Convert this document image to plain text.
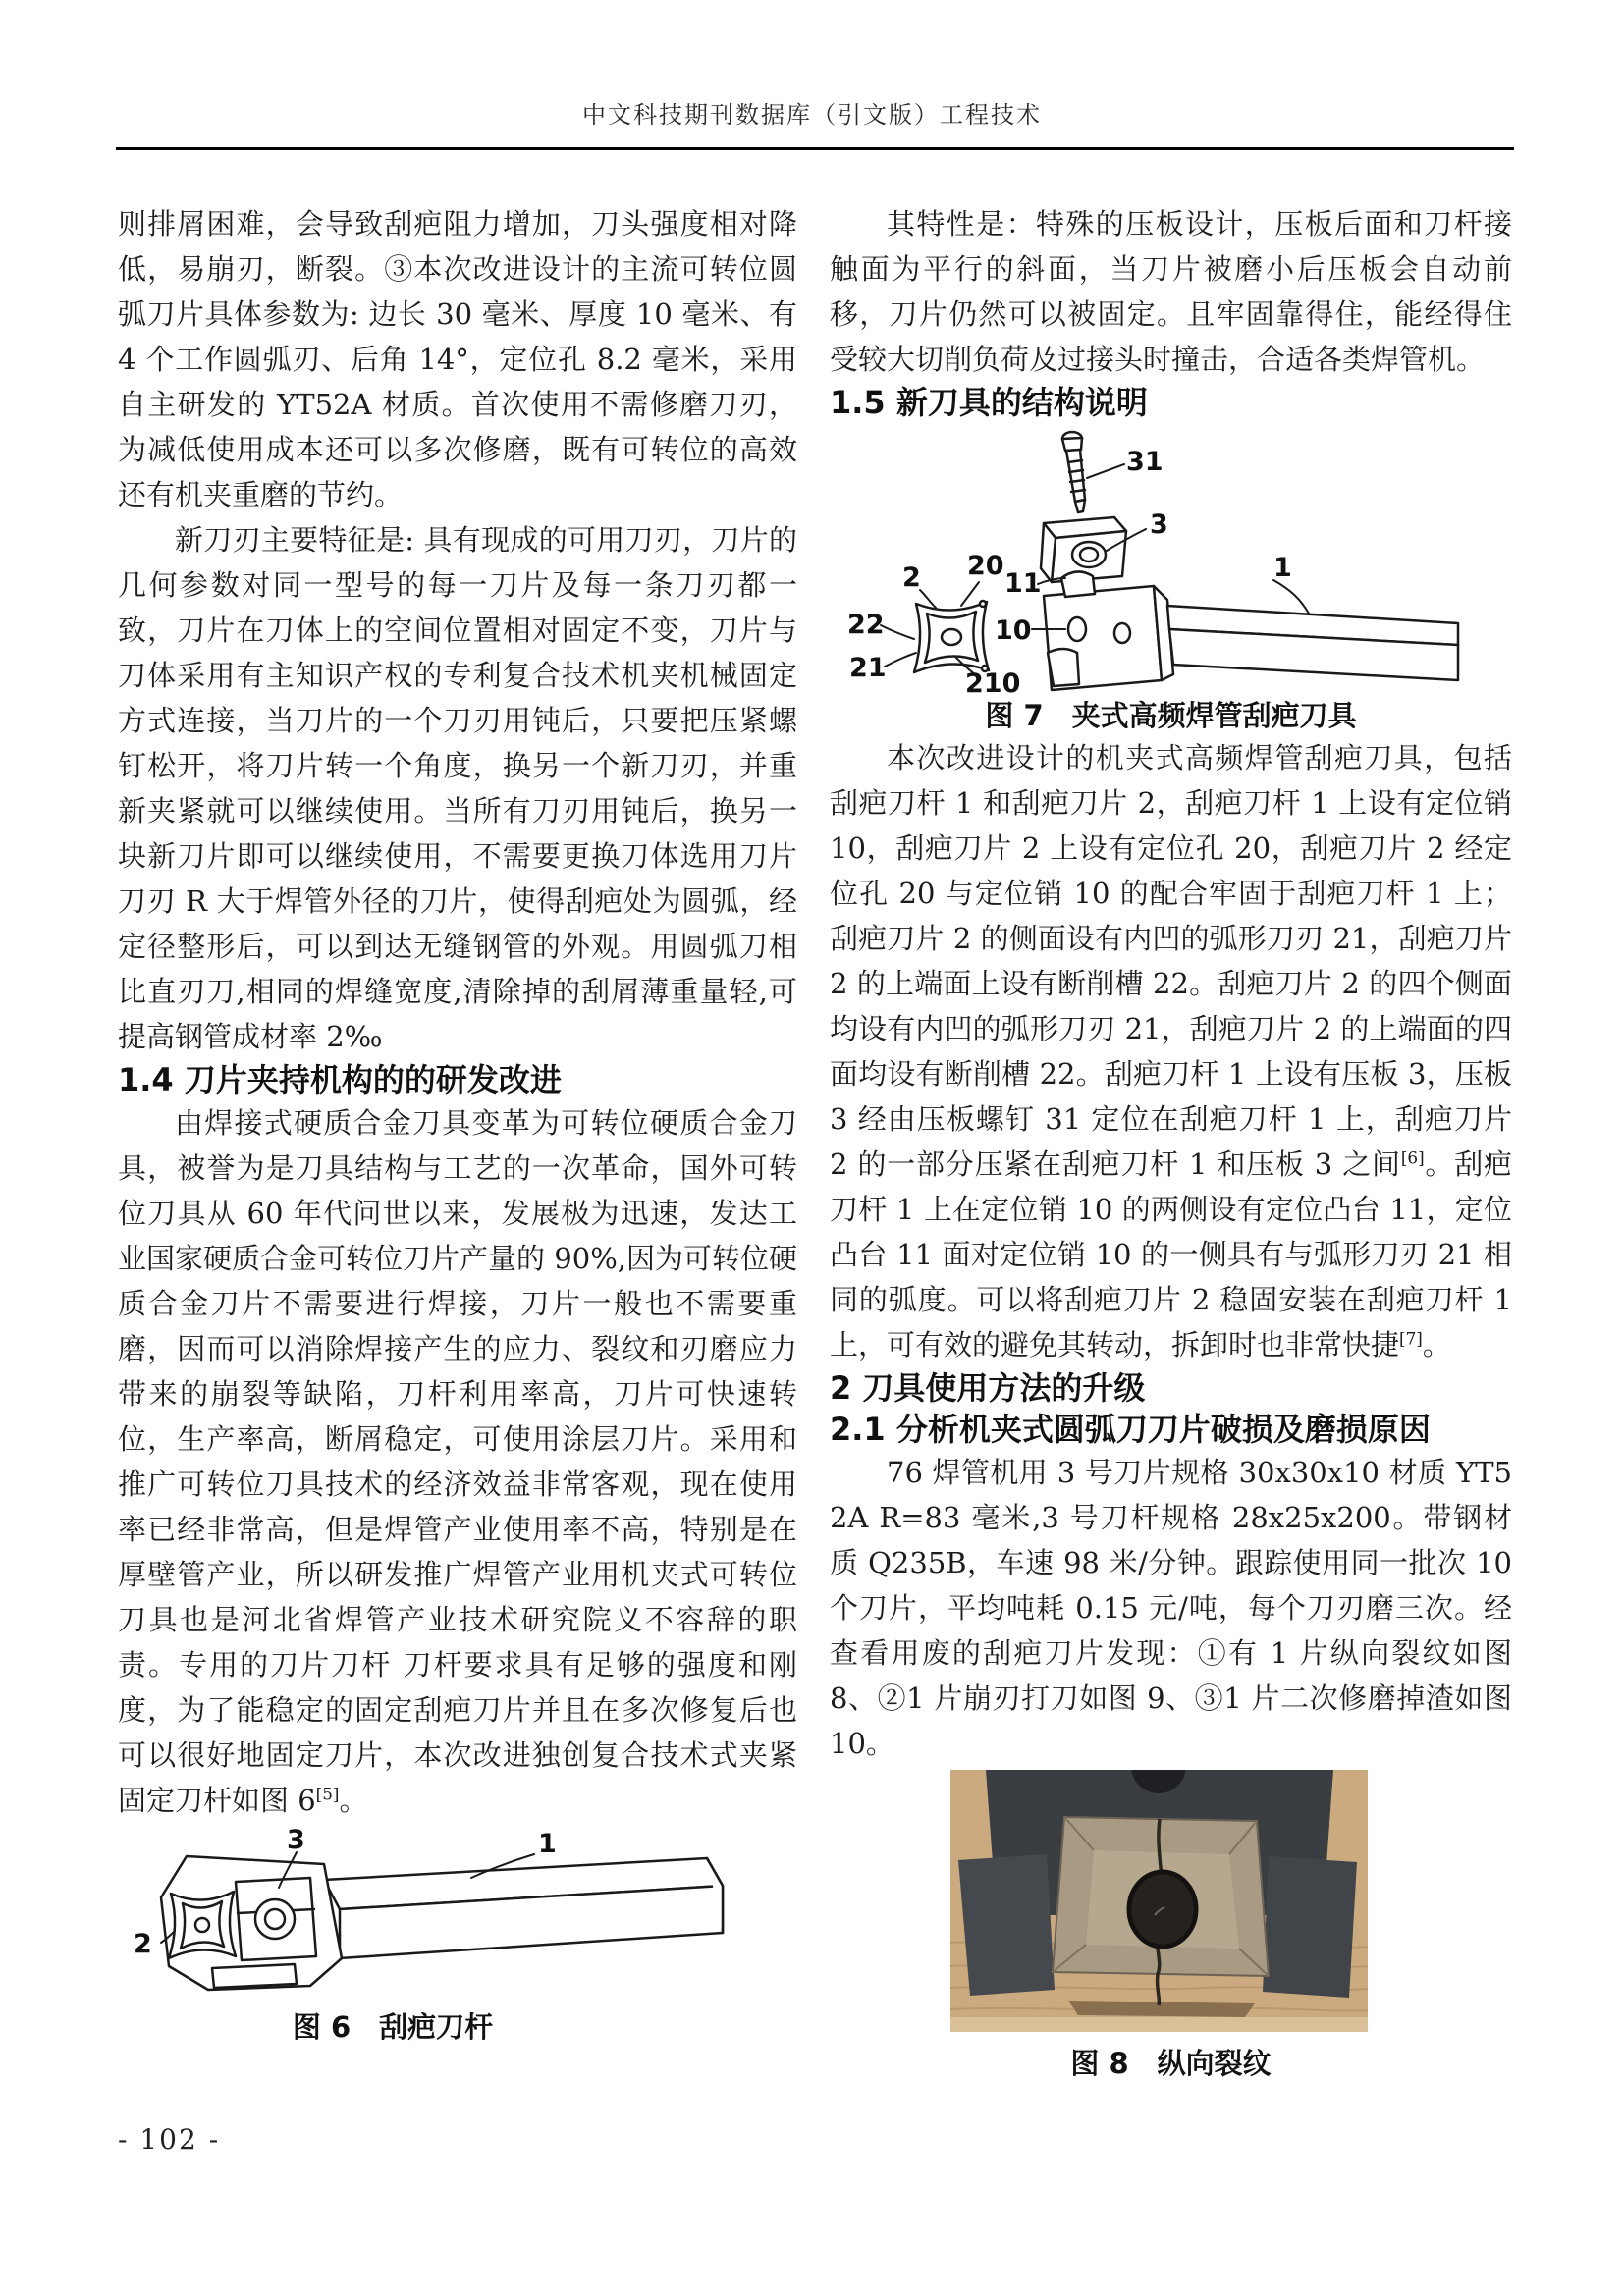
中文科技期刊数据库（引文版）工程技术

则排屑困难，会导致刮疤阻力增加，刀头强度相对降低，易崩刃，断裂。③本次改进设计的主流可转位圆弧刀片具体参数为: 边长 30 毫米、厚度 10 毫米、有 4 个工作圆弧刃、后角 14°，定位孔 8.2 毫米，采用自主研发的 YT52A 材质。首次使用不需修磨刀刃，为减低使用成本还可以多次修磨，既有可转位的高效还有机夹重磨的节约。

新刀刃主要特征是: 具有现成的可用刀刃，刀片的几何参数对同一型号的每一刀片及每一条刀刃都一致，刀片在刀体上的空间位置相对固定不变，刀片与刀体采用有主知识产权的专利复合技术机夹机械固定方式连接，当刀片的一个刀刃用钝后，只要把压紧螺钉松开，将刀片转一个角度，换另一个新刀刃，并重新夹紧就可以继续使用。当所有刀刃用钝后，换另一块新刀片即可以继续使用，不需要更换刀体选用刀片刀刃 R 大于焊管外径的刀片，使得刮疤处为圆弧，经定径整形后，可以到达无缝钢管的外观。用圆弧刀相比直刃刀,相同的焊缝宽度,清除掉的刮屑薄重量轻,可提高钢管成材率 2‰

1.4 刀片夹持机构的的研发改进

由焊接式硬质合金刀具变革为可转位硬质合金刀具，被誉为是刀具结构与工艺的一次革命，国外可转位刀具从 60 年代问世以来，发展极为迅速，发达工业国家硬质合金可转位刀片产量的 90%,因为可转位硬质合金刀片不需要进行焊接，刀片一般也不需要重磨，因而可以消除焊接产生的应力、裂纹和刃磨应力带来的崩裂等缺陷，刀杆利用率高，刀片可快速转位，生产率高，断屑稳定，可使用涂层刀片。采用和推广可转位刀具技术的经济效益非常客观，现在使用率已经非常高，但是焊管产业使用率不高，特别是在厚壁管产业，所以研发推广焊管产业用机夹式可转位刀具也是河北省焊管产业技术研究院义不容辞的职责。专用的刀片刀杆 刀杆要求具有足够的强度和刚度，为了能稳定的固定刮疤刀片并且在多次修复后也可以很好地固定刀片，本次改进独创复合技术式夹紧固定刀杆如图 6[5]。

3	1
2
图 6　刮疤刀杆

其特性是：特殊的压板设计，压板后面和刀杆接触面为平行的斜面，当刀片被磨小后压板会自动前移，刀片仍然可以被固定。且牢固靠得住，能经得住受较大切削负荷及过接头时撞击，合适各类焊管机。

1.5 新刀具的结构说明
31
3
11
1
2 20
22	10
21
210
图 7　夹式高频焊管刮疤刀具

本次改进设计的机夹式高频焊管刮疤刀具，包括刮疤刀杆 1 和刮疤刀片 2，刮疤刀杆 1 上设有定位销 10，刮疤刀片 2 上设有定位孔 20，刮疤刀片 2 经定位孔 20 与定位销 10 的配合牢固于刮疤刀杆 1 上；刮疤刀片 2 的侧面设有内凹的弧形刀刃 21，刮疤刀片 2 的上端面上设有断削槽 22。刮疤刀片 2 的四个侧面均设有内凹的弧形刀刃 21，刮疤刀片 2 的上端面的四面均设有断削槽 22。刮疤刀杆 1 上设有压板 3，压板 3 经由压板螺钉 31 定位在刮疤刀杆 1 上，刮疤刀片 2 的一部分压紧在刮疤刀杆 1 和压板 3 之间[6]。刮疤刀杆 1 上在定位销 10 的两侧设有定位凸台 11，定位凸台 11 面对定位销 10 的一侧具有与弧形刀刃 21 相同的弧度。可以将刮疤刀片 2 稳固安装在刮疤刀杆 1 上，可有效的避免其转动，拆卸时也非常快捷[7]。

2 刀具使用方法的升级
2.1 分析机夹式圆弧刀刀片破损及磨损原因

76 焊管机用 3 号刀片规格 30x30x10 材质 YT52A R=83 毫米,3 号刀杆规格 28x25x200。带钢材质 Q235B，车速 98 米/分钟。跟踪使用同一批次 10 个刀片，平均吨耗 0.15 元/吨，每个刀刃磨三次。经查看用废的刮疤刀片发现：①有 1 片纵向裂纹如图 8、②1 片崩刃打刀如图 9、③1 片二次修磨掉渣如图 10。

图 8　纵向裂纹
- 102 -
